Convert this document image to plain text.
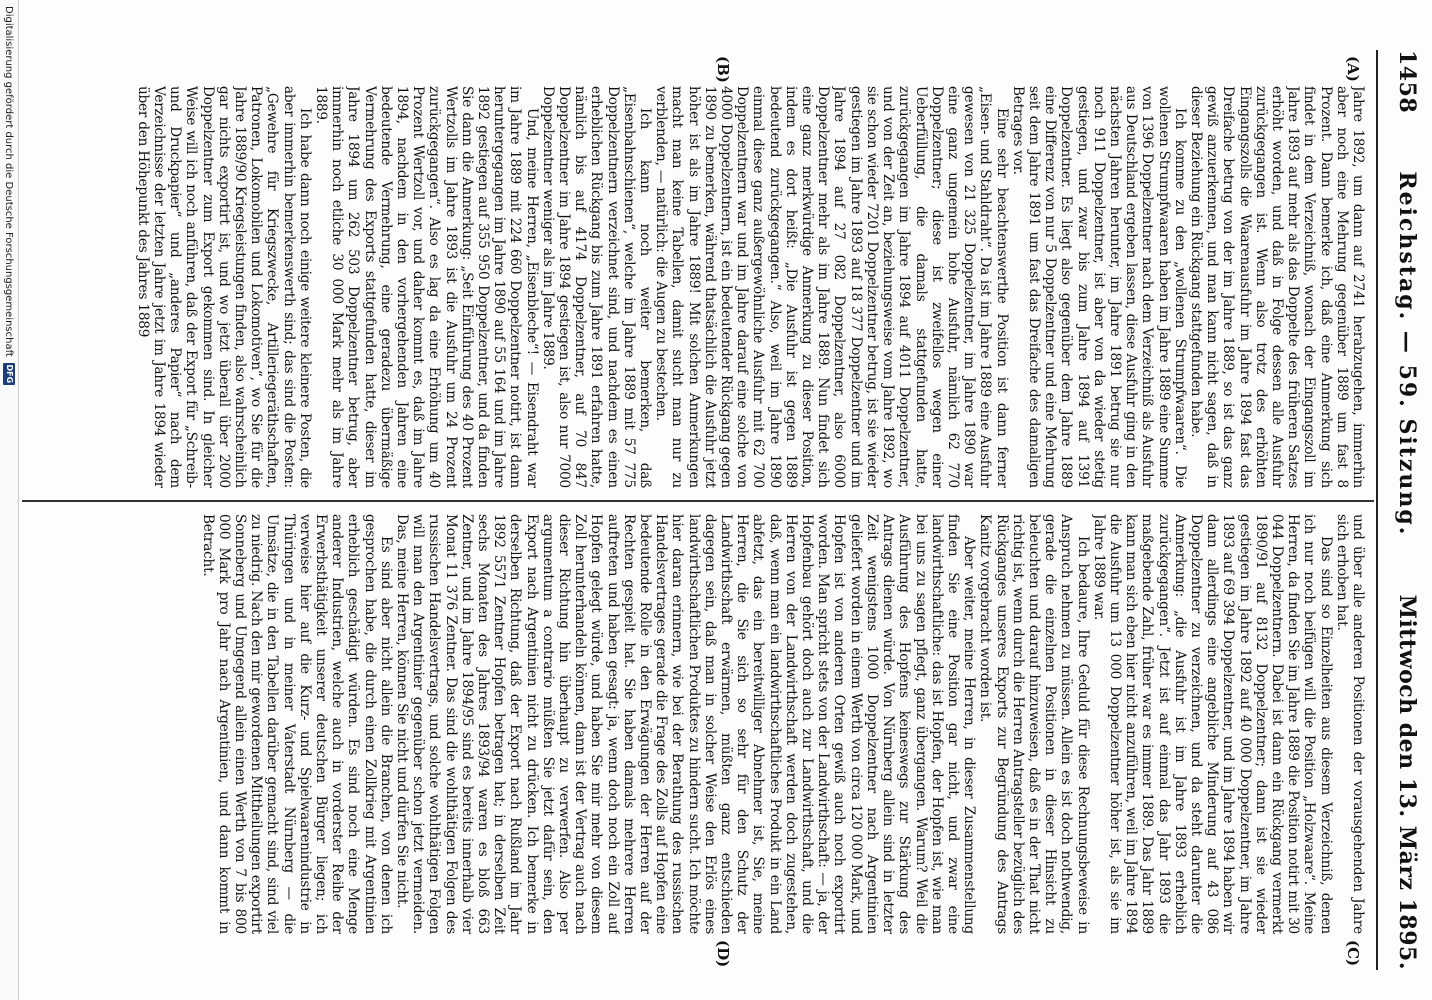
1458
Reichstag. — 59. Sitzung.
Mittwoch den 13. März 1895.
(A)
(B)
(C)
(D)

Jahre 1892, um dann auf 2741 herabzugehen, immerhin aber noch eine Mehrung gegenüber 1889 um fast 8 Prozent. Dann bemerke ich, daß eine Anmerkung sich findet in dem Verzeichniß, wonach der Eingangszoll im Jahre 1893 auf mehr als das Doppelte des früheren Satzes erhöht worden, und daß in Folge dessen alle Ausfuhr zurückgegangen ist. Wenn also trotz des erhöhten Eingangszolls die Waarenausfuhr im Jahre 1894 fast das Dreifache betrug von der im Jahre 1889, so ist das ganz gewiß anzuerkennen, und man kann nicht sagen, daß in dieser Beziehung ein Rückgang stattgefunden habe.

Ich komme zu den „wollenen Strumpfwaaren“. Die wollenen Strumpfwaaren haben im Jahre 1889 eine Summe von 1396 Doppelzentner nach dem Verzeichniß als Ausfuhr aus Deutschland ergeben lassen, diese Ausfuhr ging in den nächsten Jahren herunter, im Jahre 1891 betrug sie nur noch 911 Doppelzentner, ist aber von da wieder stetig gestiegen, und zwar bis zum Jahre 1894 auf 1391 Doppelzentner. Es liegt also gegenüber dem Jahre 1889 eine Differenz von nur 5 Doppelzentner und eine Mehrung seit dem Jahre 1891 um fast das Dreifache des damaligen Betrages vor.

Eine sehr beachtenswerthe Position ist dann ferner „Eisen- und Stahldraht“. Da ist im Jahre 1889 eine Ausfuhr gewesen von 21 325 Doppelzentner, im Jahre 1890 war eine ganz ungemein hohe Ausfuhr, nämlich 62 770 Doppelzentner; diese ist zweifellos wegen einer Ueberfüllung, die damals stattgefunden hatte, zurückgegangen im Jahre 1894 auf 4011 Doppelzentner, und von der Zeit an, beziehungsweise vom Jahre 1892, wo sie schon wieder 7201 Doppelzentner betrug, ist sie wieder gestiegen im Jahre 1893 auf 18 377 Doppelzentner und im Jahre 1894 auf 27 082 Doppelzentner, also 6000 Doppelzentner mehr als im Jahre 1889. Nun findet sich eine ganz merkwürdige Anmerkung zu dieser Position, indem es dort heißt: „Die Ausfuhr ist gegen 1889 bedeutend zurückgegangen.“ Also, weil im Jahre 1890 einmal diese ganz außergewöhnliche Ausfuhr mit 62 700 Doppelzentnern war und im Jahre darauf eine solche von 4000 Doppelzentnern, ist ein bedeutender Rückgang gegen 1890 zu bemerken, während thatsächlich die Ausfuhr jetzt höher ist als im Jahre 1889! Mit solchen Anmerkungen macht man keine Tabellen, damit sucht man nur zu verblenden, — natürlich: die Augen zu bestechen.

Ich kann noch weiter bemerken, daß „Eisenbahnschienen“, welche im Jahre 1889 mit 57 775 Doppelzentnern verzeichnet sind, und nachdem es einen erheblichen Rückgang bis zum Jahre 1891 erfahren hatte, nämlich bis auf 4174 Doppelzentner, auf 70 847 Doppelzentner im Jahre 1894 gestiegen ist, also nur 7000 Doppelzentner weniger als im Jahre 1889.

Und, meine Herren, „Eisenbleche“! — Eisendraht war im Jahre 1889 mit 224 660 Doppelzentner notirt, ist dann heruntergegangen im Jahre 1890 auf 55 164 und im Jahre 1892 gestiegen auf 355 950 Doppelzentner, und da finden Sie dann die Anmerkung: „Seit Einführung des 40 Prozent Wertzolls im Jahre 1893 ist die Ausfuhr um 24 Prozent zurückgegangen“. Also es lag da eine Erhöhung um 40 Prozent Wertzoll vor, und daher kommt es, daß im Jahre 1894, nachdem in den vorhergehenden Jahren eine bedeutende Vermehrung, eine geradezu übermäßige Vermehrung des Exports stattgefunden hatte, dieser im Jahre 1894 um 262 503 Doppelzentner betrug, aber immerhin noch etliche 30 000 Mark mehr als im Jahre 1889.

Ich habe dann noch einige weitere kleinere Posten, die aber immerhin bemerkenswerth sind; das sind die Posten: „Gewehre für Kriegszwecke, Artilleriegeräthschaften, Patronen, Lokomobilen und Lokomotiven“, wo Sie für die Jahre 1889/90 Kriegsleistungen finden, also wahrscheinlich gar nichts exportirt ist, und wo jetzt überall über 2000 Doppelzentner zum Export gekommen sind. In gleicher Weise will ich noch anführen, daß der Export für „Schreib- und Druckpapier“ und „anderes Papier“ nach dem Verzeichnisse der letzten Jahre jetzt im Jahre 1894 wieder über den Höhepunkt des Jahres 1889

und über alle anderen Positionen der vorausgehenden Jahre sich erhoben hat.

Das sind so Einzelheiten aus diesem Verzeichniß, denen ich nur noch beifügen will die Position „Holzwaare“. Meine Herren, da finden Sie im Jahre 1889 die Position notirt mit 30 044 Doppelzentnern. Dabei ist dann ein Rückgang vermerkt 1890/91 auf 8132 Doppelzentner; dann ist sie wieder gestiegen im Jahre 1892 auf 40 000 Doppelzentner, im Jahre 1893 auf 69 394 Doppelzentner, und im Jahre 1894 haben wir dann allerdings eine angebliche Minderung auf 43 086 Doppelzentner zu verzeichnen, und da steht darunter die Anmerkung: „die Ausfuhr ist im Jahre 1893 erheblich zurückgegangen“. Jetzt ist auf einmal das Jahr 1893 die maßgebende Zahl, früher war es immer 1889. Das Jahr 1889 kann man sich eben hier nicht anzuführen, weil im Jahre 1894 die Ausfuhr um 13 000 Doppelzentner höher ist, als sie im Jahre 1889 war.

Ich bedaure, Ihre Geduld für diese Rechnungsbeweise in Anspruch nehmen zu müssen. Allein es ist doch nothwendig, gerade die einzelnen Positionen in dieser Hinsicht zu beleuchten und darauf hinzuweisen, daß es in der That nicht richtig ist, wenn durch die Herren Antragsteller bezüglich des Rückganges unseres Exports zur Begründung des Antrags Kanitz vorgebracht worden ist.

Aber weiter, meine Herren, in dieser Zusammenstellung finden Sie eine Position gar nicht, und zwar eine landwirthschaftliche: das ist Hopfen, der Hopfen ist, wie man bei uns zu sagen pflegt, ganz übergangen. Warum? Weil die Ausführung des Hopfens keineswegs zur Stärkung des Antrags dienen würde. Von Nürnberg allein sind in letzter Zeit wenigstens 1000 Doppelzentner nach Argentinien geliefert worden in einem Werth von circa 120 000 Mark, und Hopfen ist von anderen Orten gewiß auch noch exportirt worden. Man spricht stets von der Landwirthschaft: — ja, der Hopfenbau gehört doch auch zur Landwirthschaft, und die Herren von der Landwirthschaft werden doch zugestehen, daß, wenn man ein landwirthschaftliches Produkt in ein Land abfetzt, das ein bereitwilliger Abnehmer ist, Sie, meine Herren, die Sie sich so sehr für den Schutz der Landwirthschaft erwärmen, müßten ganz entschieden dagegen sein, daß man in solcher Weise den Erlös eines landwirthschaftlichen Produktes zu hindern sucht. Ich möchte hier daran erinnern, wie bei der Berathung des russischen Handelsvertrages gerade die Frage des Zolls auf Hopfen eine bedeutende Rolle in den Erwägungen der Herren auf der Rechten gespielt hat. Sie haben damals mehrere Herren auftreten und haben gesagt: ja, wenn doch noch ein Zoll auf Hopfen gelegt würde, und haben Sie mir mehr von diesem Zoll herunterhandeln können, dann ist der Vertrag auch nach dieser Richtung hin überhaupt zu verwerfen. Also per argumentum a contrario müßten Sie jetzt dafür sein, den Export nach Argentinien nicht zu drücken. Ich bemerke in derselben Richtung, daß der Export nach Rußland im Jahr 1892 5571 Zentner Hopfen betragen hat; in derselben Zeit sechs Monaten des Jahres 1893/94 waren es bloß 663 Zentner, und im Jahre 1894/95 sind es bereits innerhalb vier Monat 11 376 Zentner. Das sind die wohlthätigen Folgen des russischen Handelsvertrags, und solche wohlthätigen Folgen will man den Argentinier gegenüber schon jetzt vermeiden. Das, meine Herren, können Sie nicht und dürfen Sie nicht.

Es sind aber nicht allein die Branchen, von denen ich gesprochen habe, die durch einen Zollkrieg mit Argentinien erheblich geschädigt würden. Es sind noch eine Menge anderer Industrien, welche auch in vorderster Reihe der Erwerbsthätigkeit unserer deutschen Bürger liegen; ich verweise hier auf die Kurz- und Spielwaarenindustrie in Thüringen und in meiner Vaterstadt Nürnberg — die Umsätze, die in den Tabellen darüber gemacht sind, sind viel zu niedrig. Nach den mir gewordenen Mittheilungen exportirt Sonneberg und Umgegend allein einen Werth von 7 bis 800 000 Mark pro Jahr nach Argentinien, und dann kommt in Betracht.

Digitalisierung gefördert durch die Deutsche Forschungsgemeinschaft
DFG
